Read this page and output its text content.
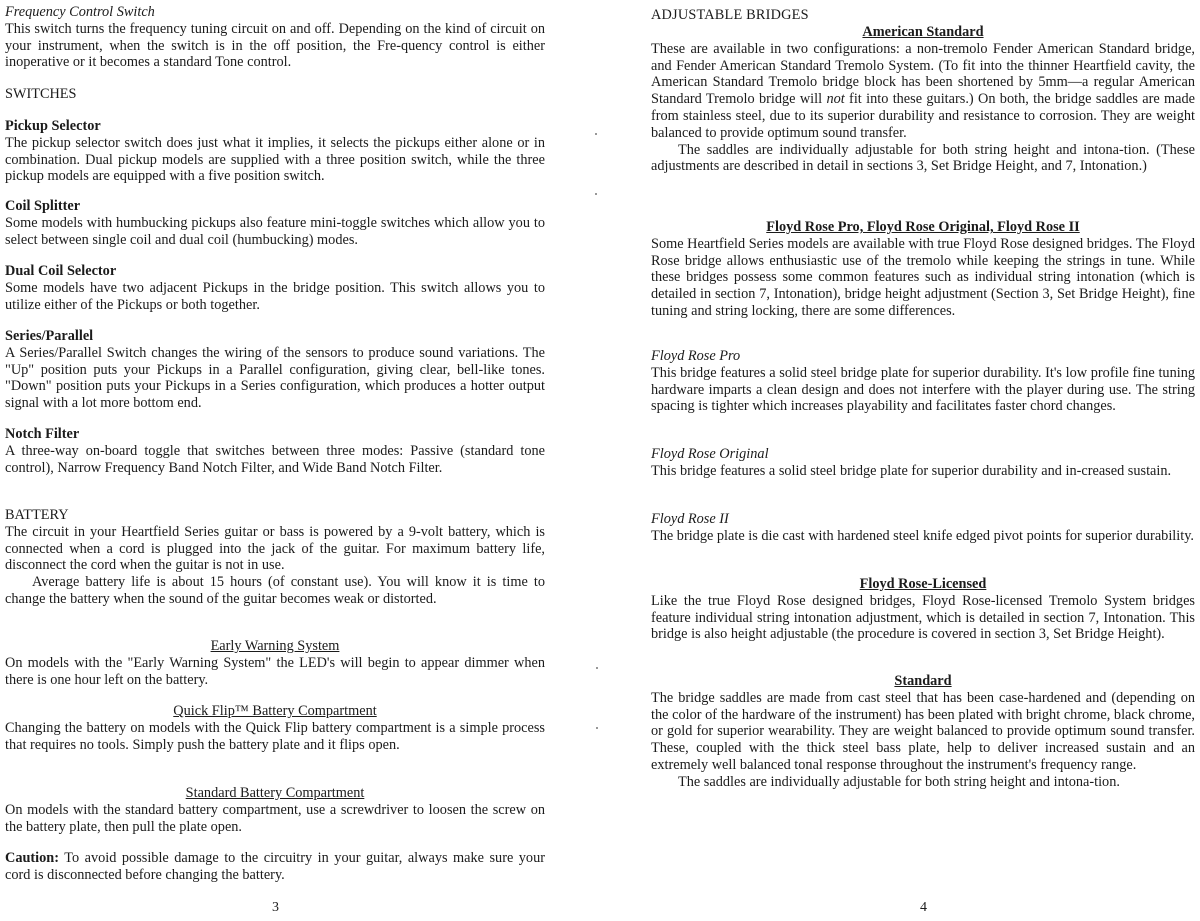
Frequency Control Switch

This switch turns the frequency tuning circuit on and off. Depending on the kind of circuit on your instrument, when the switch is in the off position, the Fre-quency control is either inoperative or it becomes a standard Tone control.

SWITCHES

Pickup Selector

The pickup selector switch does just what it implies, it selects the pickups either alone or in combination. Dual pickup models are supplied with a three position switch, while the three pickup models are equipped with a five position switch.

Coil Splitter

Some models with humbucking pickups also feature mini-toggle switches which allow you to select between single coil and dual coil (humbucking) modes.

Dual Coil Selector

Some models have two adjacent Pickups in the bridge position. This switch allows you to utilize either of the Pickups or both together.

Series/Parallel

A Series/Parallel Switch changes the wiring of the sensors to produce sound variations. The "Up" position puts your Pickups in a Parallel configuration, giving clear, bell-like tones. "Down" position puts your Pickups in a Series configuration, which produces a hotter output signal with a lot more bottom end.

Notch Filter

A three-way on-board toggle that switches between three modes: Passive (standard tone control), Narrow Frequency Band Notch Filter, and Wide Band Notch Filter.

BATTERY

The circuit in your Heartfield Series guitar or bass is powered by a 9-volt battery, which is connected when a cord is plugged into the jack of the guitar. For maximum battery life, disconnect the cord when the guitar is not in use.

Average battery life is about 15 hours (of constant use). You will know it is time to change the battery when the sound of the guitar becomes weak or distorted.

Early Warning System

On models with the "Early Warning System" the LED's will begin to appear dimmer when there is one hour left on the battery.

Quick Flip™ Battery Compartment

Changing the battery on models with the Quick Flip battery compartment is a simple process that requires no tools. Simply push the battery plate and it flips open.

Standard Battery Compartment

On models with the standard battery compartment, use a screwdriver to loosen the screw on the battery plate, then pull the plate open.

Caution: To avoid possible damage to the circuitry in your guitar, always make sure your cord is disconnected before changing the battery.

3

ADJUSTABLE BRIDGES

American Standard

These are available in two configurations: a non-tremolo Fender American Standard bridge, and Fender American Standard Tremolo System. (To fit into the thinner Heartfield cavity, the American Standard Tremolo bridge block has been shortened by 5mm—a regular American Standard Tremolo bridge will not fit into these guitars.) On both, the bridge saddles are made from stainless steel, due to its superior durability and resistance to corrosion. They are weight balanced to provide optimum sound transfer.

The saddles are individually adjustable for both string height and intona-tion. (These adjustments are described in detail in sections 3, Set Bridge Height, and 7, Intonation.)

Floyd Rose Pro, Floyd Rose Original, Floyd Rose II

Some Heartfield Series models are available with true Floyd Rose designed bridges. The Floyd Rose bridge allows enthusiastic use of the tremolo while keeping the strings in tune. While these bridges possess some common features such as individual string intonation (which is detailed in section 7, Intonation), bridge height adjustment (Section 3, Set Bridge Height), fine tuning and string locking, there are some differences.

Floyd Rose Pro

This bridge features a solid steel bridge plate for superior durability. It's low profile fine tuning hardware imparts a clean design and does not interfere with the player during use. The string spacing is tighter which increases playability and facilitates faster chord changes.

Floyd Rose Original

This bridge features a solid steel bridge plate for superior durability and in-creased sustain.

Floyd Rose II

The bridge plate is die cast with hardened steel knife edged pivot points for superior durability.

Floyd Rose-Licensed

Like the true Floyd Rose designed bridges, Floyd Rose-licensed Tremolo System bridges feature individual string intonation adjustment, which is detailed in section 7, Intonation. This bridge is also height adjustable (the procedure is covered in section 3, Set Bridge Height).

Standard

The bridge saddles are made from cast steel that has been case-hardened and (depending on the color of the hardware of the instrument) has been plated with bright chrome, black chrome, or gold for superior wearability. They are weight balanced to provide optimum sound transfer. These, coupled with the thick steel bass plate, help to deliver increased sustain and an extremely well balanced tonal response throughout the instrument's frequency range.

The saddles are individually adjustable for both string height and intona-tion.

4
